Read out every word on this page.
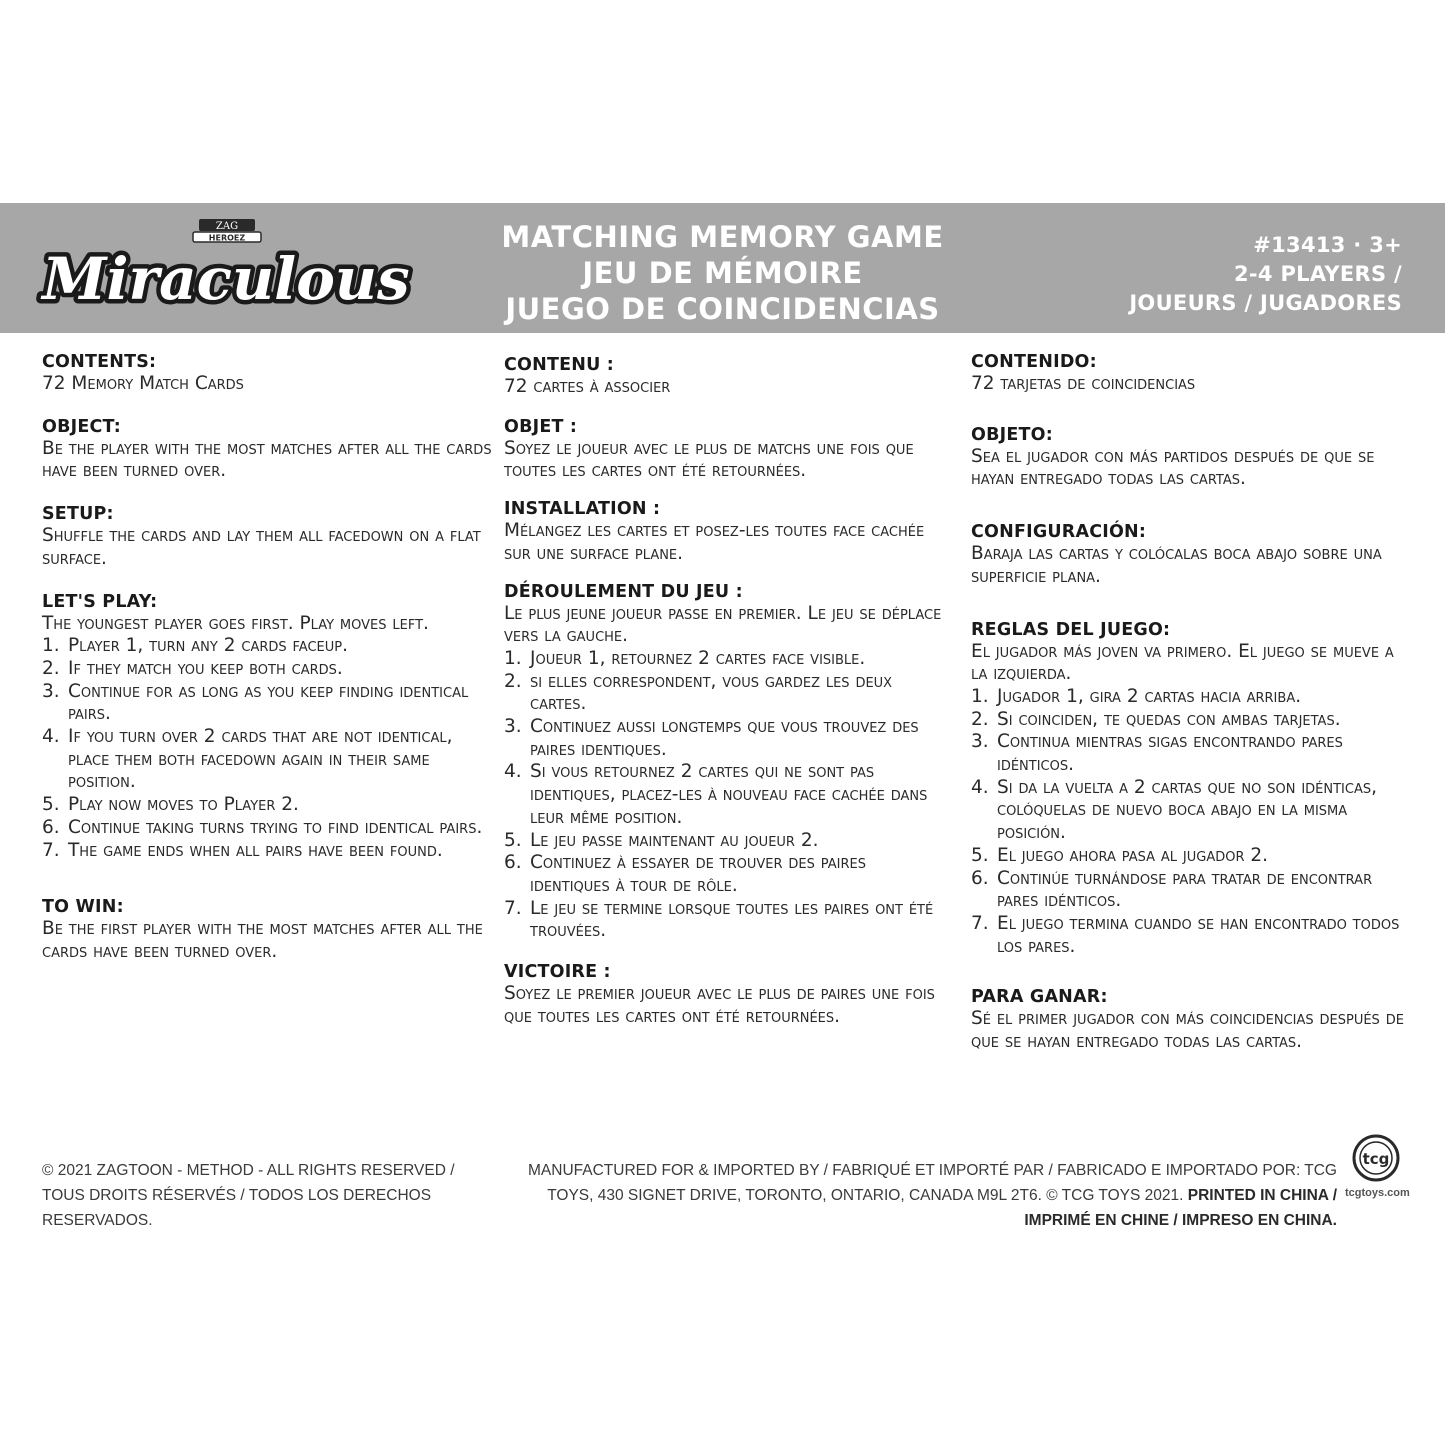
ZAG
HEROEZ
Miraculous
MATCHING MEMORY GAME
JEU DE MÉMOIRE
JUEGO DE COINCIDENCIAS
#13413 · 3+
2-4 PLAYERS /
JOUEURS / JUGADORES
CONTENTS:

72 Memory Match Cards

OBJECT:

Be the player with the most matches after all the cards have been turned over.

SETUP:

Shuffle the cards and lay them all facedown on a flat surface.

LET'S PLAY:

The youngest player goes first. Play moves left.

1. Player 1, turn any 2 cards faceup.
2. If they match you keep both cards.
3. Continue for as long as you keep finding identical pairs.
4. If you turn over 2 cards that are not identical, place them both facedown again in their same position.
5. Play now moves to Player 2.
6. Continue taking turns trying to find identical pairs.
7. The game ends when all pairs have been found.
TO WIN:

Be the first player with the most matches after all the cards have been turned over.

CONTENU :

72 cartes à associer

OBJET :

Soyez le joueur avec le plus de matchs une fois que toutes les cartes ont été retournées.

INSTALLATION :

Mélangez les cartes et posez-les toutes face cachée sur une surface plane.

DÉROULEMENT DU JEU :

Le plus jeune joueur passe en premier. Le jeu se déplace vers la gauche.

1. Joueur 1, retournez 2 cartes face visible.
2. si elles correspondent, vous gardez les deux cartes.
3. Continuez aussi longtemps que vous trouvez des paires identiques.
4. Si vous retournez 2 cartes qui ne sont pas identiques, placez-les à nouveau face cachée dans leur même position.
5. Le jeu passe maintenant au joueur 2.
6. Continuez à essayer de trouver des paires identiques à tour de rôle.
7. Le jeu se termine lorsque toutes les paires ont été trouvées.
VICTOIRE :

Soyez le premier joueur avec le plus de paires une fois que toutes les cartes ont été retournées.

CONTENIDO:

72 tarjetas de coincidencias

OBJETO:

Sea el jugador con más partidos después de que se hayan entregado todas las cartas.

CONFIGURACIÓN:

Baraja las cartas y colócalas boca abajo sobre una superficie plana.

REGLAS DEL JUEGO:

El jugador más joven va primero. El juego se mueve a la izquierda.

1. Jugador 1, gira 2 cartas hacia arriba.
2. Si coinciden, te quedas con ambas tarjetas.
3. Continua mientras sigas encontrando pares idénticos.
4. Si da la vuelta a 2 cartas que no son idénticas, colóquelas de nuevo boca abajo en la misma posición.
5. El juego ahora pasa al jugador 2.
6. Continúe turnándose para tratar de encontrar pares idénticos.
7. El juego termina cuando se han encontrado todos los pares.
PARA GANAR:

Sé el primer jugador con más coincidencias después de que se hayan entregado todas las cartas.

© 2021 ZAGTOON - METHOD - ALL RIGHTS RESERVED / TOUS DROITS RÉSERVÉS / TODOS LOS DERECHOS RESERVADOS.
MANUFACTURED FOR & IMPORTED BY / FABRIQUÉ ET IMPORTÉ PAR / FABRICADO E IMPORTADO POR: TCG TOYS, 430 SIGNET DRIVE, TORONTO, ONTARIO, CANADA M9L 2T6. © TCG TOYS 2021. PRINTED IN CHINA / IMPRIMÉ EN CHINE / IMPRESO EN CHINA.
tcg
tcgtoys.com
